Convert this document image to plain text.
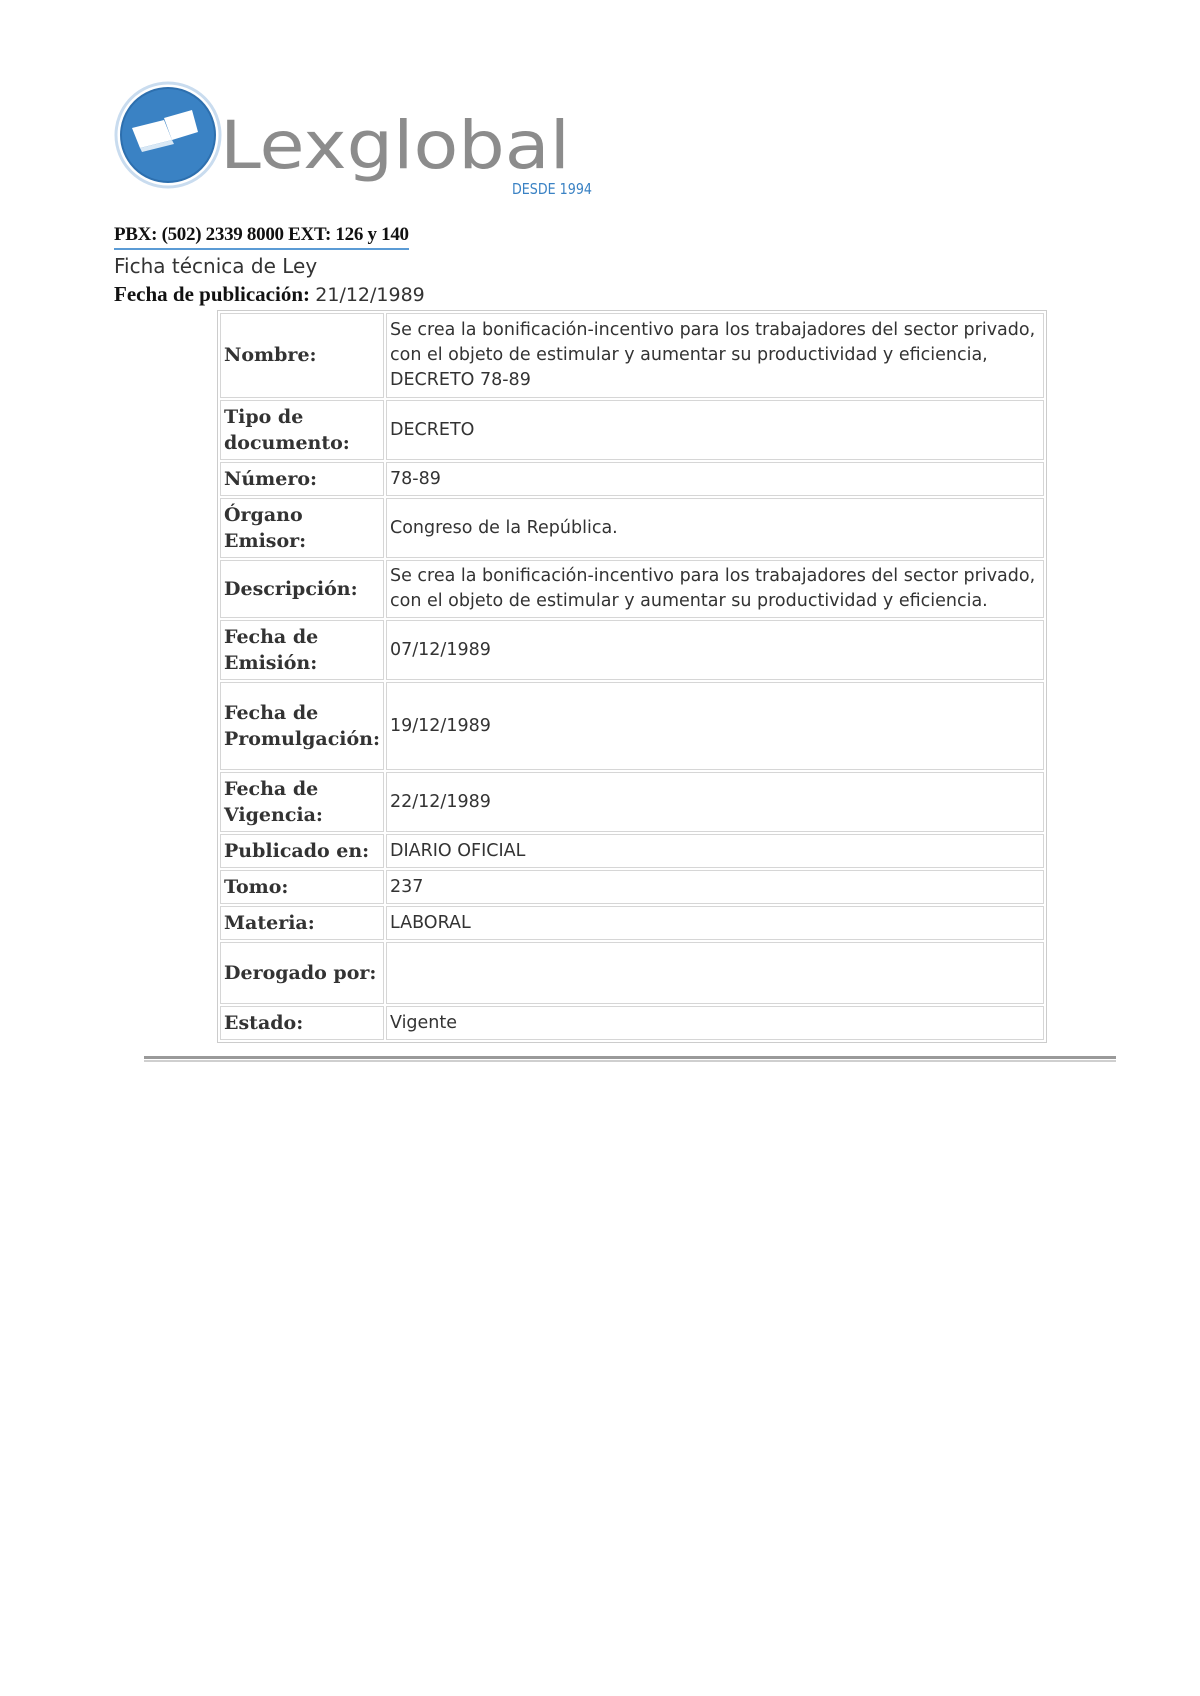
Lexglobal
DESDE 1994
PBX: (502) 2339 8000 EXT: 126 y 140
Ficha técnica de Ley
Fecha de publicación: 21/12/1989
Nombre:	Se crea la bonificación-incentivo para los trabajadores del sector privado, con el objeto de estimular y aumentar su productividad y eficiencia, DECRETO 78-89
Tipo de documento:	DECRETO
Número:	78-89
Órgano Emisor:	Congreso de la República.
Descripción:	Se crea la bonificación-incentivo para los trabajadores del sector privado, con el objeto de estimular y aumentar su productividad y eficiencia.
Fecha de Emisión:	07/12/1989
Fecha de Promulgación:	19/12/1989
Fecha de Vigencia:	22/12/1989
Publicado en:	DIARIO OFICIAL
Tomo:	237
Materia:	LABORAL
Derogado por:	
Estado:	Vigente
